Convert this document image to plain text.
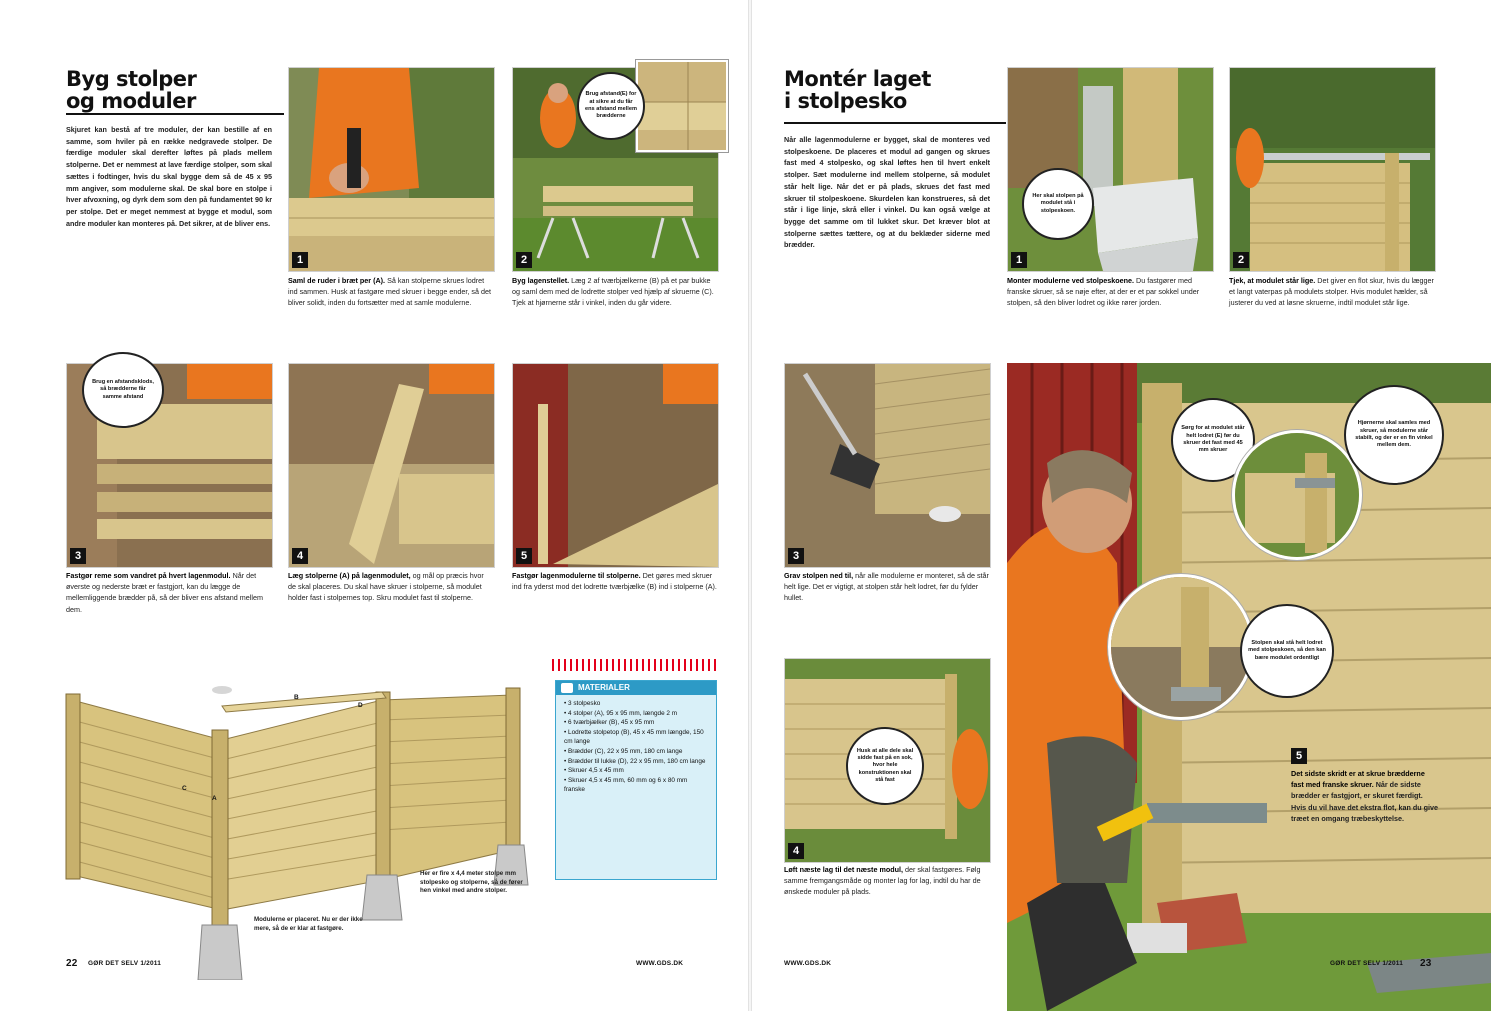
Byg stolper
og moduler
Skjuret kan bestå af tre moduler, der kan bestille af en samme, som hviler på en række nedgravede stolper. De færdige moduler skal derefter løftes på plads mellem stolperne. Det er nemmest at lave færdige stolper, som skal sættes i fodtinger, hvis du skal bygge dem så de 45 x 95 mm angiver, som modulerne skal. De skal bore en stolpe i hver afvoxning, og dyrk dem som den på fundamentet 90 kr per stolpe. Det er meget nemmest at bygge et modul, som andre moduler kan monteres på. Det sikrer, at de bliver ens.
1
Saml de ruder i bræt per (A). Så kan stolperne skrues lodret ind sammen. Husk at fastgøre med skruer i begge ender, så det bliver solidt, inden du fortsætter med at samle modulerne.
2
Brug afstand(E) for at sikre at du får ens afstand mellem brædderne
Byg lagenstellet. Læg 2 af tværbjælkerne (B) på et par bukke og saml dem med de lodrette stolper ved hjælp af skruerne (C). Tjek at hjørnerne står i vinkel, inden du går videre.
3
Brug en afstandsklods, så brædderne får samme afstand
Fastgør reme som vandret på hvert lagenmodul. Når det øverste og nederste bræt er fastgjort, kan du lægge de mellemliggende brædder på, så der bliver ens afstand mellem dem.
4
Læg stolperne (A) på lagenmodulet, og mål op præcis hvor de skal placeres. Du skal have skruer i stolperne, så modulet holder fast i stolpernes top. Skru modulet fast til stolperne.
5
Fastgør lagenmodulerne til stolperne. Det gøres med skruer ind fra yderst mod det lodrette tværbjælke (B) ind i stolperne (A).
B
C
A
D
Her er fire x 4,4 meter stolpe mm stolpesko og stolperne, så de fører hen vinkel med andre stolper.
Modulerne er placeret. Nu er der ikke mere, så de er klar at fastgøre.
MATERIALER
• 3 stolpesko
• 4 stolper (A), 95 x 95 mm, længde 2 m
• 6 tværbjælker (B), 45 x 95 mm
• Lodrette stolpetop (B), 45 x 45 mm længde, 150 cm lange
• Brædder (C), 22 x 95 mm, 180 cm lange
• Brædder til lukke (D), 22 x 95 mm, 180 cm lange
• Skruer 4,5 x 45 mm
• Skruer 4,5 x 45 mm, 60 mm og 6 x 80 mm franske
22 GØR DET SELV 1/2011	WWW.GDS.DK
Montér laget
i stolpesko
Når alle lagenmodulerne er bygget, skal de monteres ved stolpeskoene. De placeres et modul ad gangen og skrues fast med 4 stolpesko, og skal løftes hen til hvert enkelt stolper. Sæt modulerne ind mellem stolperne, så modulet står helt lige. Når det er på plads, skrues det fast med skruer til stolpeskoene. Skurdelen kan konstrueres, så det står i lige linje, skrå eller i vinkel. Du kan også vælge at bygge det samme om til lukket skur. Det kræver blot at stolperne sættes tættere, og at du beklæder siderne med brædder.
1
Her skal stolpen på modulet stå i stolpeskoen.
Monter modulerne ved stolpeskoene. Du fastgører med franske skruer, så se nøje efter, at der er et par sokkel under stolpen, så den bliver lodret og ikke rører jorden.
2
Tjek, at modulet står lige. Det giver en flot skur, hvis du lægger et langt vaterpas på modulets stolper. Hvis modulet hælder, så justerer du ved at løsne skruerne, indtil modulet står lige.
3
Grav stolpen ned til, når alle modulerne er monteret, så de står helt lige. Det er vigtigt, at stolpen står helt lodret, før du fylder hullet.
4
Husk at alle dele skal sidde fast på en sok, hvor hele konstruktionen skal stå fast
Løft næste lag til det næste modul, der skal fastgøres. Følg samme fremgangsmåde og monter lag for lag, indtil du har de ønskede moduler på plads.
Sørg for at modulet står helt lodret (E) før du skruer det fast med 45 mm skruer
Hjørnerne skal samles med skruer, så modulerne står stabilt, og der er en fin vinkel mellem dem.
Stolpen skal stå helt lodret med stolpeskoen, så den kan bære modulet ordentligt
5
Det sidste skridt er at skrue brædderne fast med franske skruer. Når de sidste brædder er fastgjort, er skuret færdigt. Hvis du vil have det ekstra flot, kan du give træet en omgang træbeskyttelse.
WWW.GDS.DK	GØR DET SELV 1/2011 23
